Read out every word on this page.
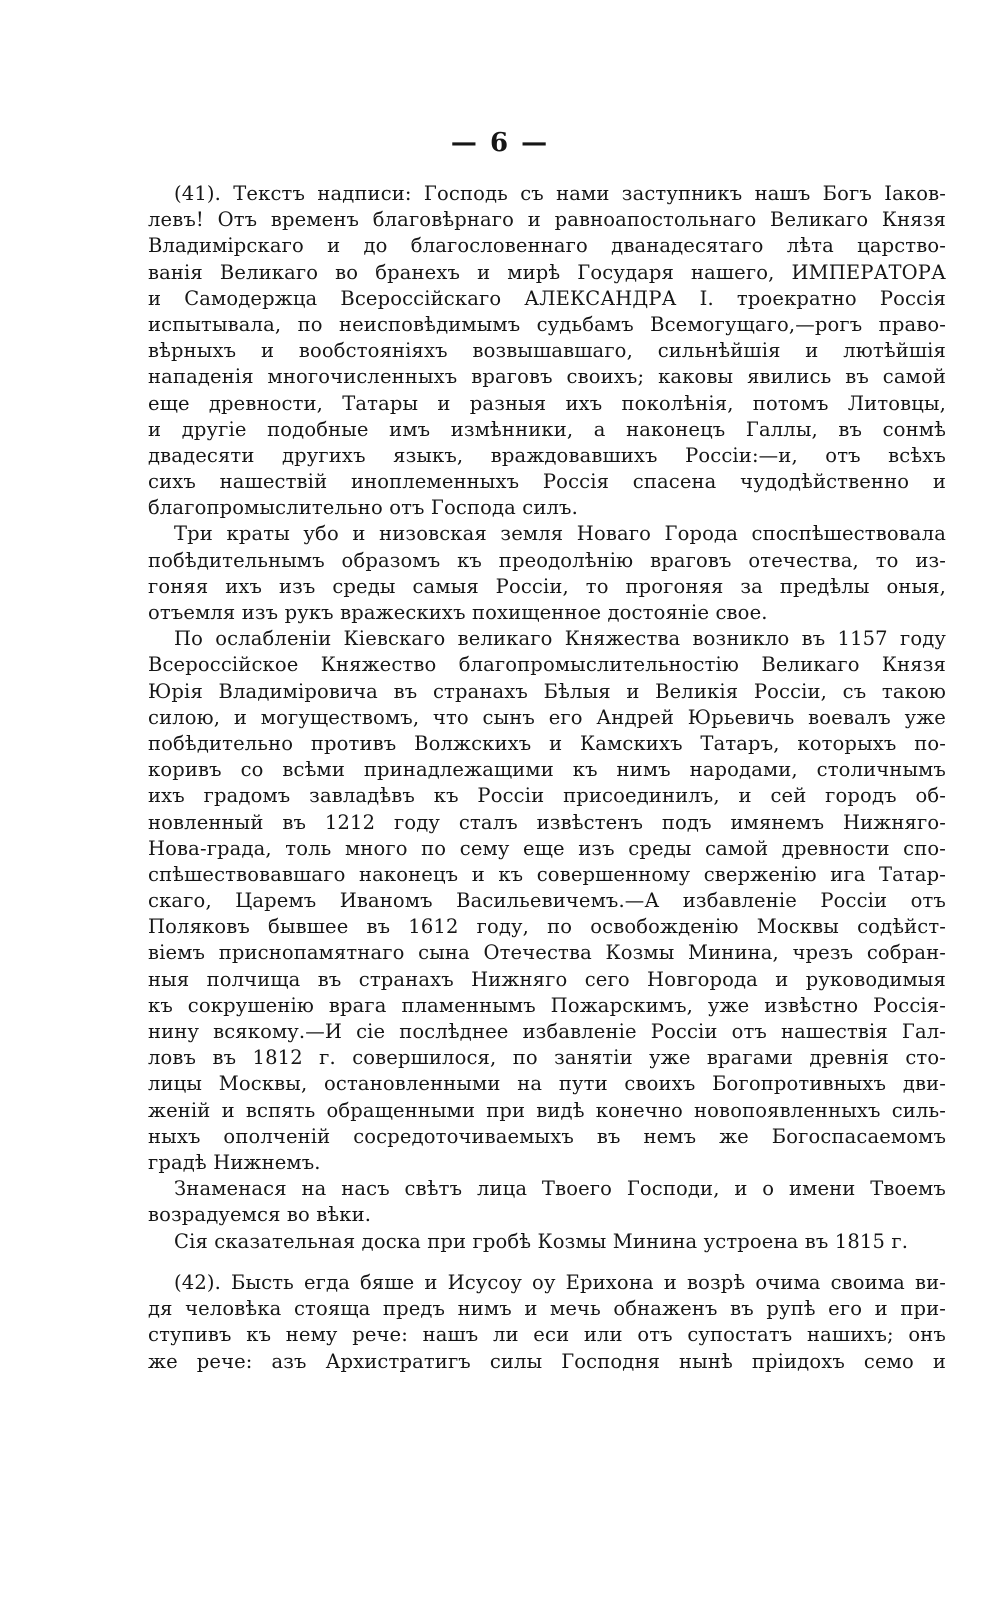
— 6 —
(41). Текстъ надписи: Господь съ нами заступникъ нашъ Богъ Іаков-
левъ! Отъ временъ благовѣрнаго и равноапостольнаго Великаго Князя
Владимірскаго и до благословеннаго дванадесятаго лѣта царство-
ванія Великаго во бранехъ и мирѣ Государя нашего, ИМПЕРАТОРА
и Самодержца Всероссійскаго АЛЕКСАНДРА I. троекратно Россія
испытывала, по неисповѣдимымъ судьбамъ Всемогущаго,—рогъ право-
вѣрныхъ и вообстояніяхъ возвышавшаго, сильнѣйшія и лютѣйшія
нападенія многочисленныхъ враговъ своихъ; каковы явились въ самой
еще древности, Татары и разныя ихъ поколѣнія, потомъ Литовцы,
и другіе подобные имъ измѣнники, а наконецъ Галлы, въ сонмѣ
двадесяти другихъ языкъ, враждовавшихъ Россіи:—и, отъ всѣхъ
сихъ нашествій иноплеменныхъ Россія спасена чудодѣйственно и
благопромыслительно отъ Господа силъ.
Три краты убо и низовская земля Новаго Города споспѣшествовала
побѣдительнымъ образомъ къ преодолѣнію враговъ отечества, то из-
гоняя ихъ изъ среды самыя Россіи, то прогоняя за предѣлы оныя,
отъемля изъ рукъ вражескихъ похищенное достояніе свое.
По ослабленіи Кіевскаго великаго Княжества возникло въ 1157 году
Всероссійское Княжество благопромыслительностію Великаго Князя
Юрія Владиміровича въ странахъ Бѣлыя и Великія Россіи, съ такою
силою, и могуществомъ, что сынъ его Андрей Юрьевичь воевалъ уже
побѣдительно противъ Волжскихъ и Камскихъ Татаръ, которыхъ по-
коривъ со всѣми принадлежащими къ нимъ народами, столичнымъ
ихъ градомъ завладѣвъ къ Россіи присоединилъ, и сей городъ об-
новленный въ 1212 году сталъ извѣстенъ подъ имянемъ Нижняго-
Нова-града, толь много по сему еще изъ среды самой древности спо-
спѣшествовавшаго наконецъ и къ совершенному сверженію ига Татар-
скаго, Царемъ Иваномъ Васильевичемъ.—А избавленіе Россіи отъ
Поляковъ бывшее въ 1612 году, по освобожденію Москвы содѣйст-
віемъ приснопамятнаго сына Отечества Козмы Минина, чрезъ собран-
ныя полчища въ странахъ Нижняго сего Новгорода и руководимыя
къ сокрушенію врага пламеннымъ Пожарскимъ, уже извѣстно Россія-
нину всякому.—И сіе послѣднее избавленіе Россіи отъ нашествія Гал-
ловъ въ 1812 г. совершилося, по занятіи уже врагами древнія сто-
лицы Москвы, остановленными на пути своихъ Богопротивныхъ дви-
женій и вспять обращенными при видѣ конечно новопоявленныхъ силь-
ныхъ ополченій сосредоточиваемыхъ въ немъ же Богоспасаемомъ
градѣ Нижнемъ.
Знаменася на насъ свѣтъ лица Твоего Господи, и о имени Твоемъ
возрадуемся во вѣки.
Сія сказательная доска при гробѣ Козмы Минина устроена въ 1815 г.
(42). Бысть егда бяше и Исусоу оу Ерихона и возрѣ очима своима ви-
дя человѣка стояща предъ нимъ и мечь обнаженъ въ рупѣ его и при-
ступивъ къ нему рече: нашъ ли еси или отъ супостатъ нашихъ; онъ
же рече: азъ Архистратигъ силы Господня нынѣ пріидохъ семо и
